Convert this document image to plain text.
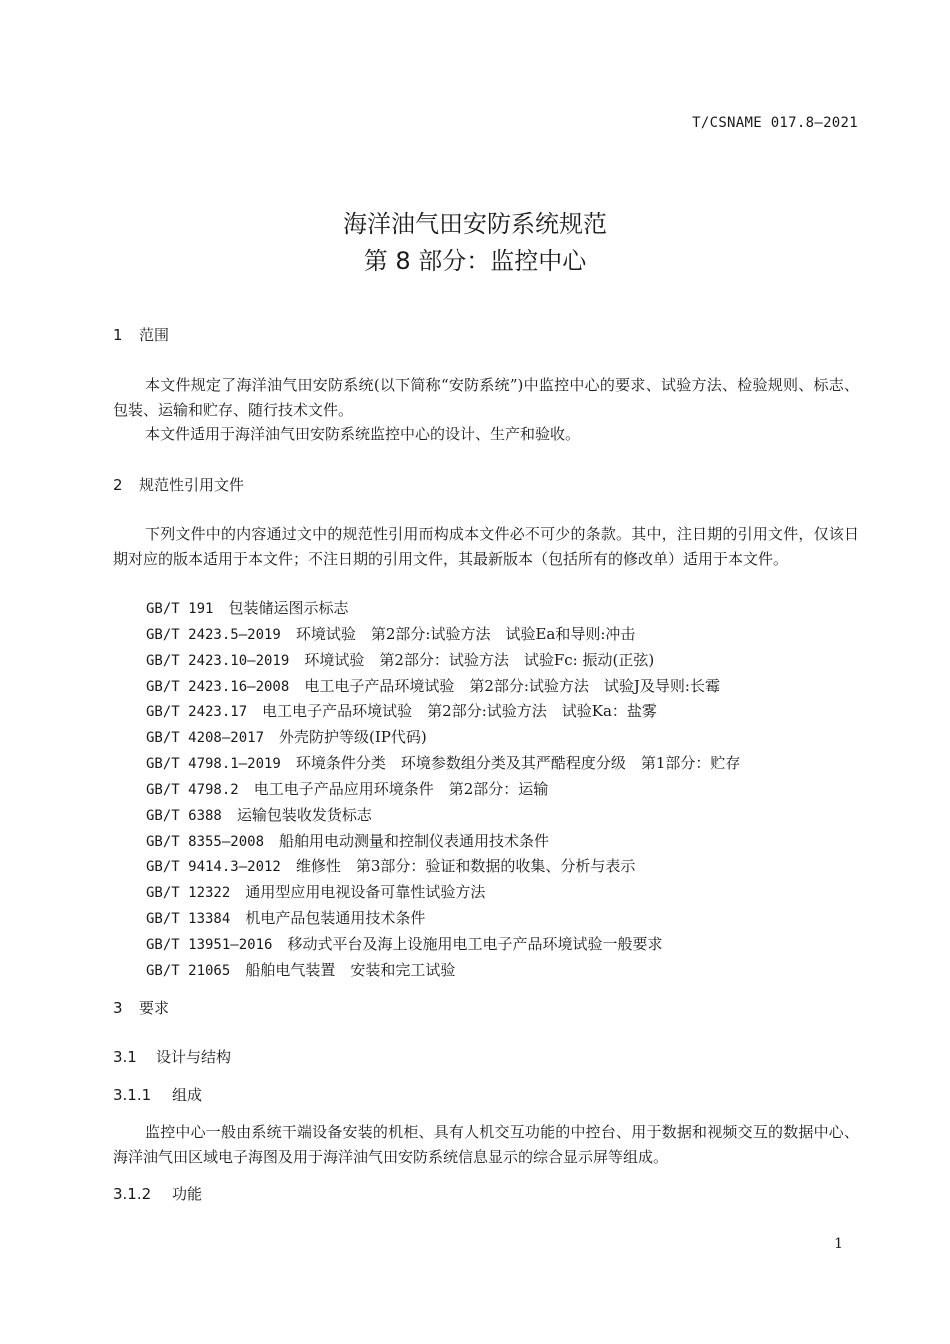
T/CSNAME 017.8—2021
海洋油气田安防系统规范
第 8 部分：监控中心
1 范围
本文件规定了海洋油气田安防系统(以下简称“安防系统”)中监控中心的要求、试验方法、检验规则、标志、包装、运输和贮存、随行技术文件。
本文件适用于海洋油气田安防系统监控中心的设计、生产和验收。
2 规范性引用文件
下列文件中的内容通过文中的规范性引用而构成本文件必不可少的条款。其中，注日期的引用文件，仅该日期对应的版本适用于本文件；不注日期的引用文件，其最新版本（包括所有的修改单）适用于本文件。
GB/T 191　 包装储运图示标志
GB/T 2423.5—2019　 环境试验　第2部分:试验方法　试验Ea和导则:冲击
GB/T 2423.10—2019　 环境试验　第2部分：试验方法　试验Fc: 振动(正弦)
GB/T 2423.16—2008　 电工电子产品环境试验　第2部分:试验方法　试验J及导则:长霉
GB/T 2423.17　 电工电子产品环境试验　第2部分:试验方法　试验Ka：盐雾
GB/T 4208—2017　 外壳防护等级(IP代码)
GB/T 4798.1—2019　 环境条件分类　环境参数组分类及其严酷程度分级　第1部分：贮存
GB/T 4798.2　 电工电子产品应用环境条件　第2部分：运输
GB/T 6388　 运输包装收发货标志
GB/T 8355—2008　 船舶用电动测量和控制仪表通用技术条件
GB/T 9414.3—2012　 维修性　第3部分：验证和数据的收集、分析与表示
GB/T 12322　 通用型应用电视设备可靠性试验方法
GB/T 13384　 机电产品包装通用技术条件
GB/T 13951—2016　 移动式平台及海上设施用电工电子产品环境试验一般要求
GB/T 21065　 船舶电气装置　安装和完工试验
3 要求
3.1 设计与结构
3.1.1 组成
监控中心一般由系统干端设备安装的机柜、具有人机交互功能的中控台、用于数据和视频交互的数据中心、海洋油气田区域电子海图及用于海洋油气田安防系统信息显示的综合显示屏等组成。
3.1.2 功能
1
